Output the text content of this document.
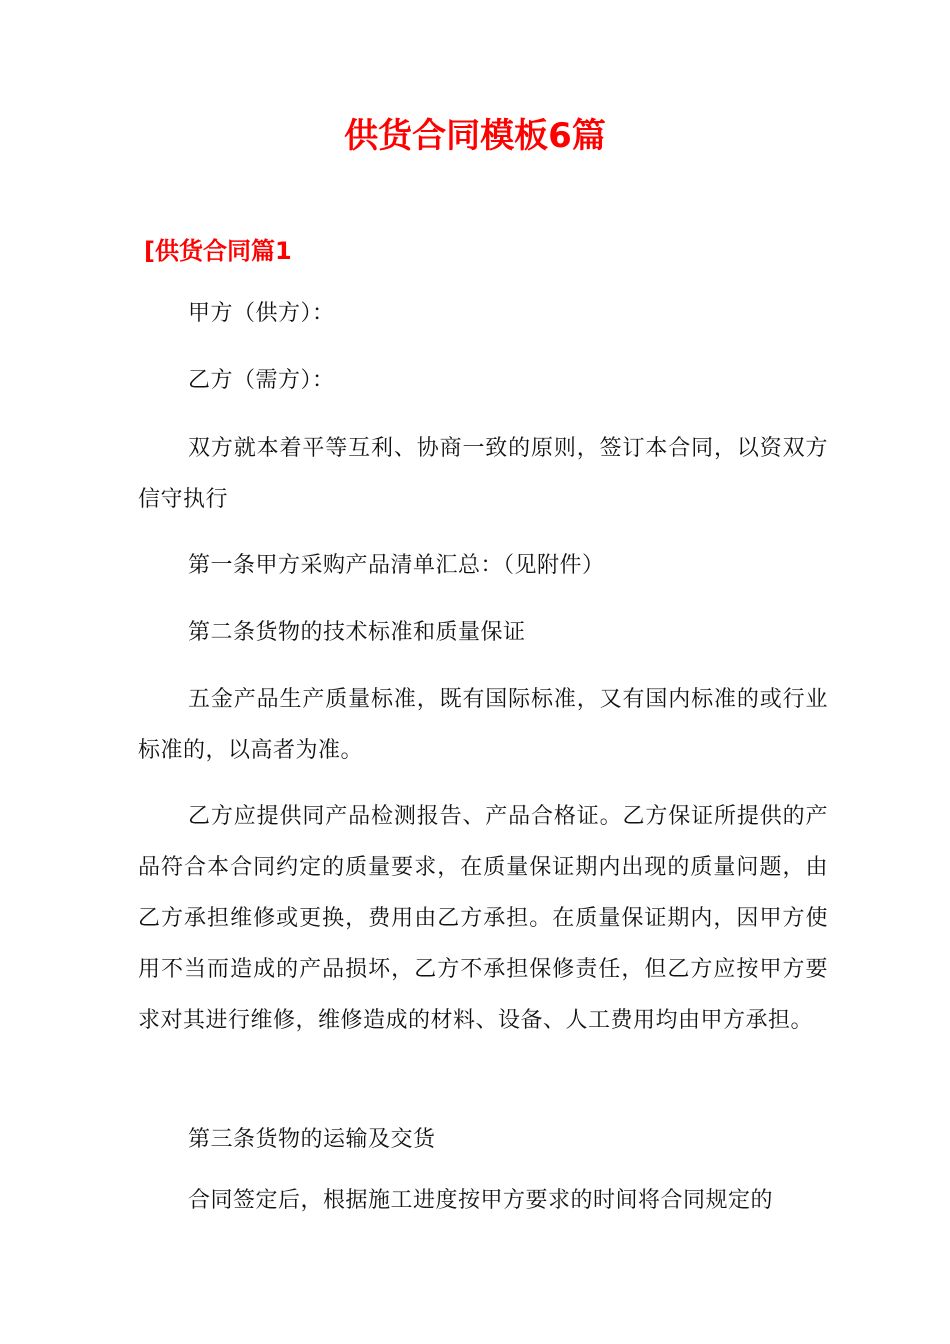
供货合同模板6篇
[供货合同篇1

甲方（供方）：

乙方（需方）：

双方就本着平等互利、协商一致的原则，签订本合同，以资双方信守执行

第一条甲方采购产品清单汇总：（见附件）

第二条货物的技术标准和质量保证

五金产品生产质量标准，既有国际标准，又有国内标准的或行业标准的，以高者为准。

乙方应提供同产品检测报告、产品合格证。乙方保证所提供的产品符合本合同约定的质量要求，在质量保证期内出现的质量问题，由乙方承担维修或更换，费用由乙方承担。在质量保证期内，因甲方使用不当而造成的产品损坏，乙方不承担保修责任，但乙方应按甲方要求对其进行维修，维修造成的材料、设备、人工费用均由甲方承担。

第三条货物的运输及交货

合同签定后，根据施工进度按甲方要求的时间将合同规定的
